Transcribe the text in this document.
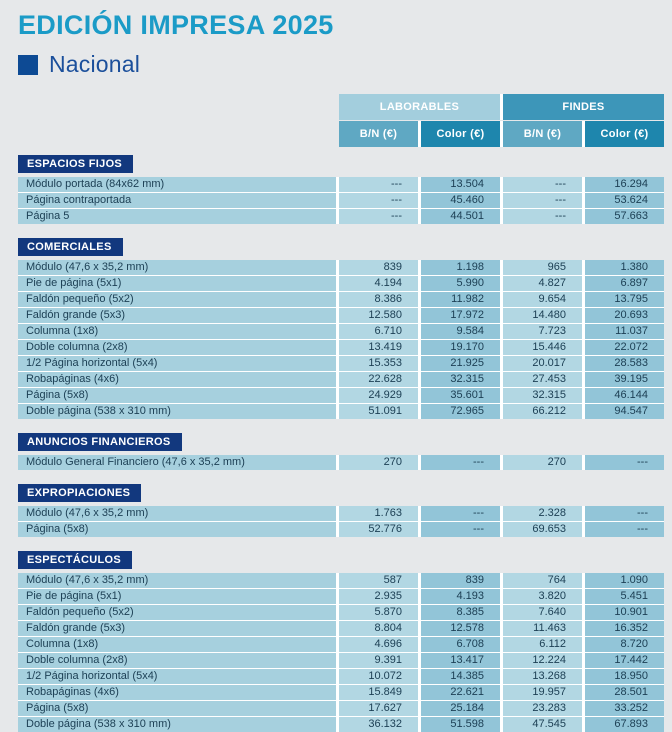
EDICIÓN IMPRESA 2025
Nacional
LABORABLES	FINDES
B/N (€)	Color (€)	B/N (€)	Color (€)
ESPACIOS FIJOS
Módulo portada (84x62 mm)	---	13.504	---	16.294
Página contraportada	---	45.460	---	53.624
Página 5	---	44.501	---	57.663
COMERCIALES
Módulo (47,6 x 35,2 mm)	839	1.198	965	1.380
Pie de página (5x1)	4.194	5.990	4.827	6.897
Faldón pequeño (5x2)	8.386	11.982	9.654	13.795
Faldón grande (5x3)	12.580	17.972	14.480	20.693
Columna (1x8)	6.710	9.584	7.723	11.037
Doble columna (2x8)	13.419	19.170	15.446	22.072
1/2 Página horizontal (5x4)	15.353	21.925	20.017	28.583
Robapáginas (4x6)	22.628	32.315	27.453	39.195
Página (5x8)	24.929	35.601	32.315	46.144
Doble página (538 x 310 mm)	51.091	72.965	66.212	94.547
ANUNCIOS FINANCIEROS
Módulo General Financiero (47,6 x 35,2 mm)	270	---	270	---
EXPROPIACIONES
Módulo (47,6 x 35,2 mm)	1.763	---	2.328	---
Página (5x8)	52.776	---	69.653	---
ESPECTÁCULOS
Módulo (47,6 x 35,2 mm)	587	839	764	1.090
Pie de página (5x1)	2.935	4.193	3.820	5.451
Faldón pequeño (5x2)	5.870	8.385	7.640	10.901
Faldón grande (5x3)	8.804	12.578	11.463	16.352
Columna (1x8)	4.696	6.708	6.112	8.720
Doble columna (2x8)	9.391	13.417	12.224	17.442
1/2 Página horizontal (5x4)	10.072	14.385	13.268	18.950
Robapáginas (4x6)	15.849	22.621	19.957	28.501
Página (5x8)	17.627	25.184	23.283	33.252
Doble página (538 x 310 mm)	36.132	51.598	47.545	67.893
